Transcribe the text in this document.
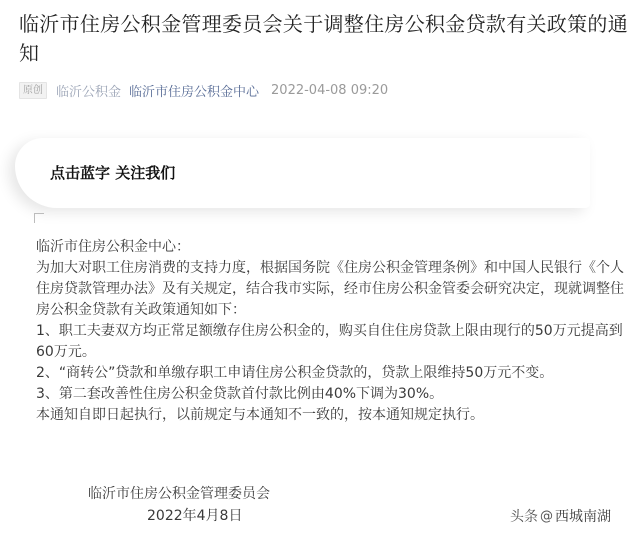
临沂市住房公积金管理委员会关于调整住房公积金贷款有关政策的通知
原创	临沂公积金 临沂市住房公积金中心 2022-04-08 09:20
点击蓝字 关注我们

临沂市住房公积金中心：

为加大对职工住房消费的支持力度，根据国务院《住房公积金管理条例》和中国人民银行《个人住房贷款管理办法》及有关规定，结合我市实际，经市住房公积金管委会研究决定，现就调整住房公积金贷款有关政策通知如下：

1、职工夫妻双方均正常足额缴存住房公积金的，购买自住住房贷款上限由现行的50万元提高到60万元。

2、“商转公”贷款和单缴存职工申请住房公积金贷款的，贷款上限维持50万元不变。

3、第二套改善性住房公积金贷款首付款比例由40%下调为30%。

本通知自即日起执行，以前规定与本通知不一致的，按本通知规定执行。

临沂市住房公积金管理委员会
2022年4月8日	头条 @ 西城南湖
